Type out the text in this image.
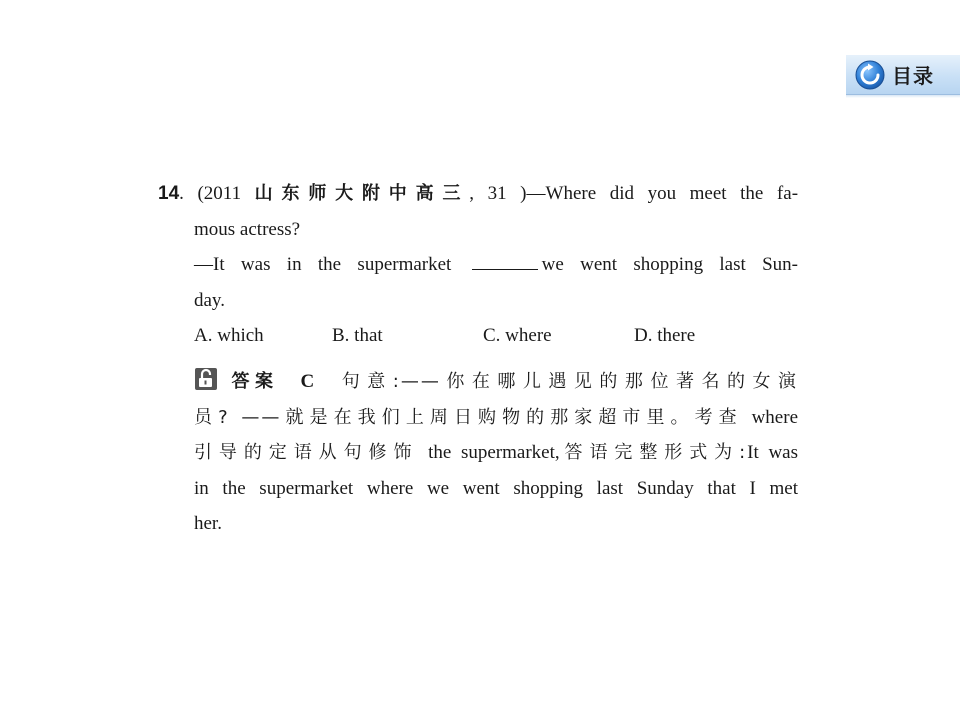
目录
14. (2011 山东师大附中高三, 31 )—Where did you meet the fa-
mous actress?
—It was in the supermarket	we went shopping last Sun-
day.
A. which	B. that	C. where	D. there
答案 C 句意:——你在哪儿遇见的那位著名的女演
员? ——就是在我们上周日购物的那家超市里。考查 where
引导的定语从句修饰 the supermarket,答语完整形式为:It was
in the supermarket where we went shopping last Sunday that I met
her.
